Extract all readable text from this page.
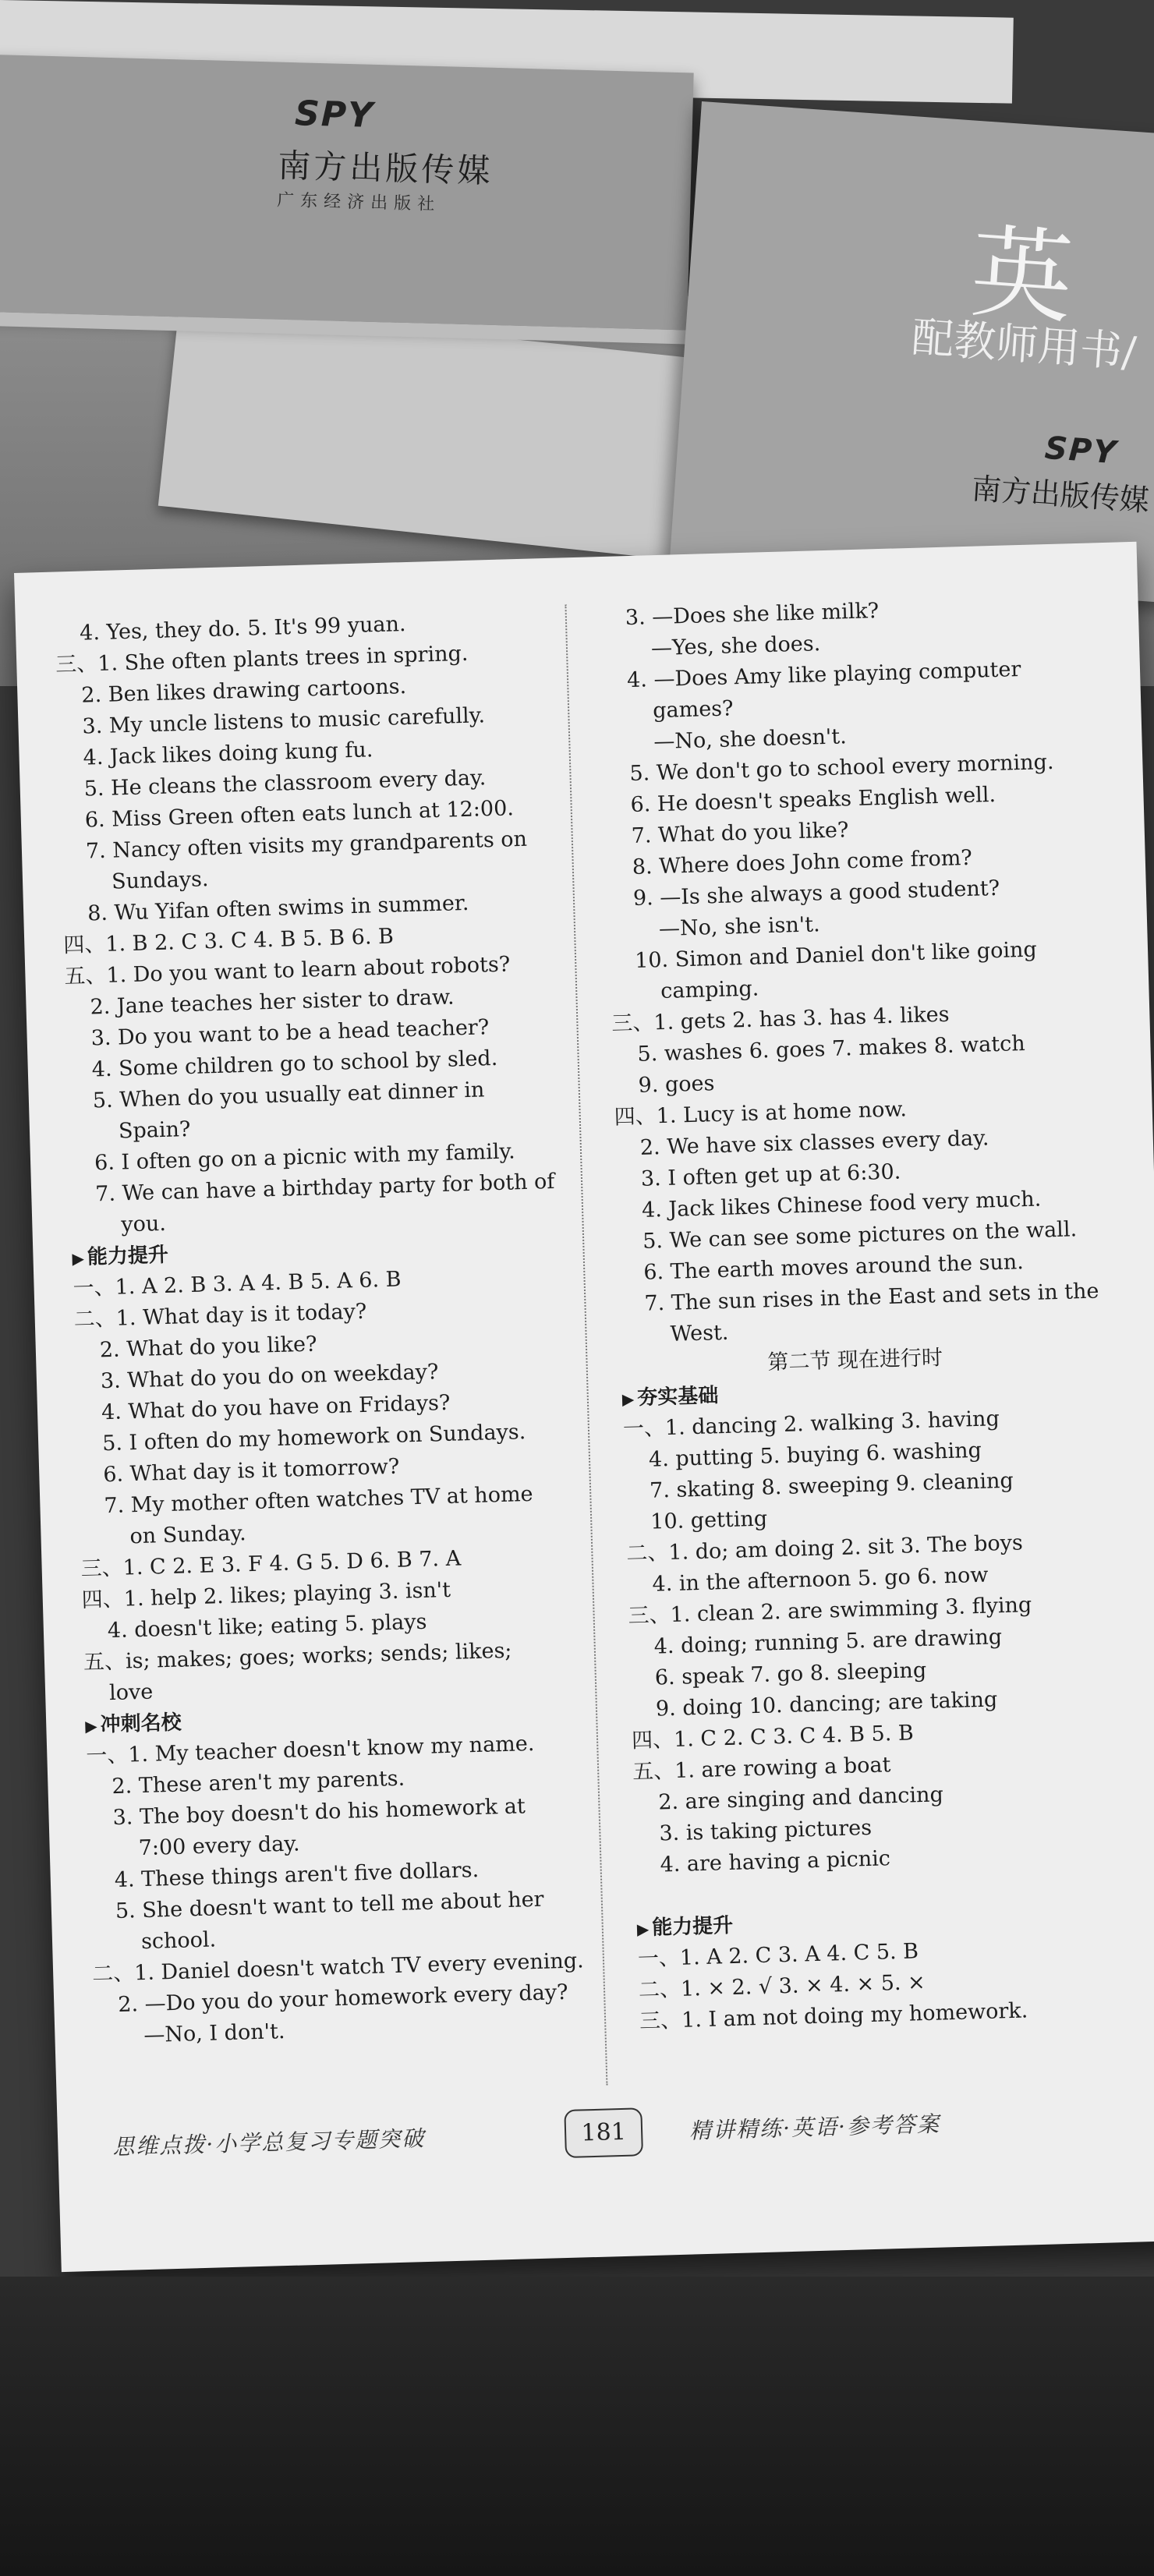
SPY
南方出版传媒
广东经济出版社
英
配教师用书/
SPY
南方出版传媒
4. Yes, they do. 5. It's 99 yuan.
三、1. She often plants trees in spring.
2. Ben likes drawing cartoons.
3. My uncle listens to music carefully.
4. Jack likes doing kung fu.
5. He cleans the classroom every day.
6. Miss Green often eats lunch at 12:00.
7. Nancy often visits my grandparents on
Sundays.
8. Wu Yifan often swims in summer.
四、1. B 2. C 3. C 4. B 5. B 6. B
五、1. Do you want to learn about robots?
2. Jane teaches her sister to draw.
3. Do you want to be a head teacher?
4. Some children go to school by sled.
5. When do you usually eat dinner in
Spain?
6. I often go on a picnic with my family.
7. We can have a birthday party for both of
you.
▶ 能力提升
一、1. A 2. B 3. A 4. B 5. A 6. B
二、1. What day is it today?
2. What do you like?
3. What do you do on weekday?
4. What do you have on Fridays?
5. I often do my homework on Sundays.
6. What day is it tomorrow?
7. My mother often watches TV at home
on Sunday.
三、1. C 2. E 3. F 4. G 5. D 6. B 7. A
四、1. help 2. likes; playing 3. isn't
4. doesn't like; eating 5. plays
五、is; makes; goes; works; sends; likes;
love
▶ 冲刺名校
一、1. My teacher doesn't know my name.
2. These aren't my parents.
3. The boy doesn't do his homework at
7:00 every day.
4. These things aren't five dollars.
5. She doesn't want to tell me about her
school.
二、1. Daniel doesn't watch TV every evening.
2. —Do you do your homework every day?
—No, I don't.
3. —Does she like milk?
—Yes, she does.
4. —Does Amy like playing computer
games?
—No, she doesn't.
5. We don't go to school every morning.
6. He doesn't speaks English well.
7. What do you like?
8. Where does John come from?
9. —Is she always a good student?
—No, she isn't.
10. Simon and Daniel don't like going
camping.
三、1. gets 2. has 3. has 4. likes
5. washes 6. goes 7. makes 8. watch
9. goes
四、1. Lucy is at home now.
2. We have six classes every day.
3. I often get up at 6:30.
4. Jack likes Chinese food very much.
5. We can see some pictures on the wall.
6. The earth moves around the sun.
7. The sun rises in the East and sets in the
West.
第二节 现在进行时
▶ 夯实基础
一、1. dancing 2. walking 3. having
4. putting 5. buying 6. washing
7. skating 8. sweeping 9. cleaning
10. getting
二、1. do; am doing 2. sit 3. The boys
4. in the afternoon 5. go 6. now
三、1. clean 2. are swimming 3. flying
4. doing; running 5. are drawing
6. speak 7. go 8. sleeping
9. doing 10. dancing; are taking
四、1. C 2. C 3. C 4. B 5. B
五、1. are rowing a boat
2. are singing and dancing
3. is taking pictures
4. are having a picnic
▶ 能力提升
一、1. A 2. C 3. A 4. C 5. B
二、1. × 2. √ 3. × 4. × 5. ×
三、1. I am not doing my homework.
思维点拨·小学总复习专题突破	181	精讲精练·英语·参考答案
